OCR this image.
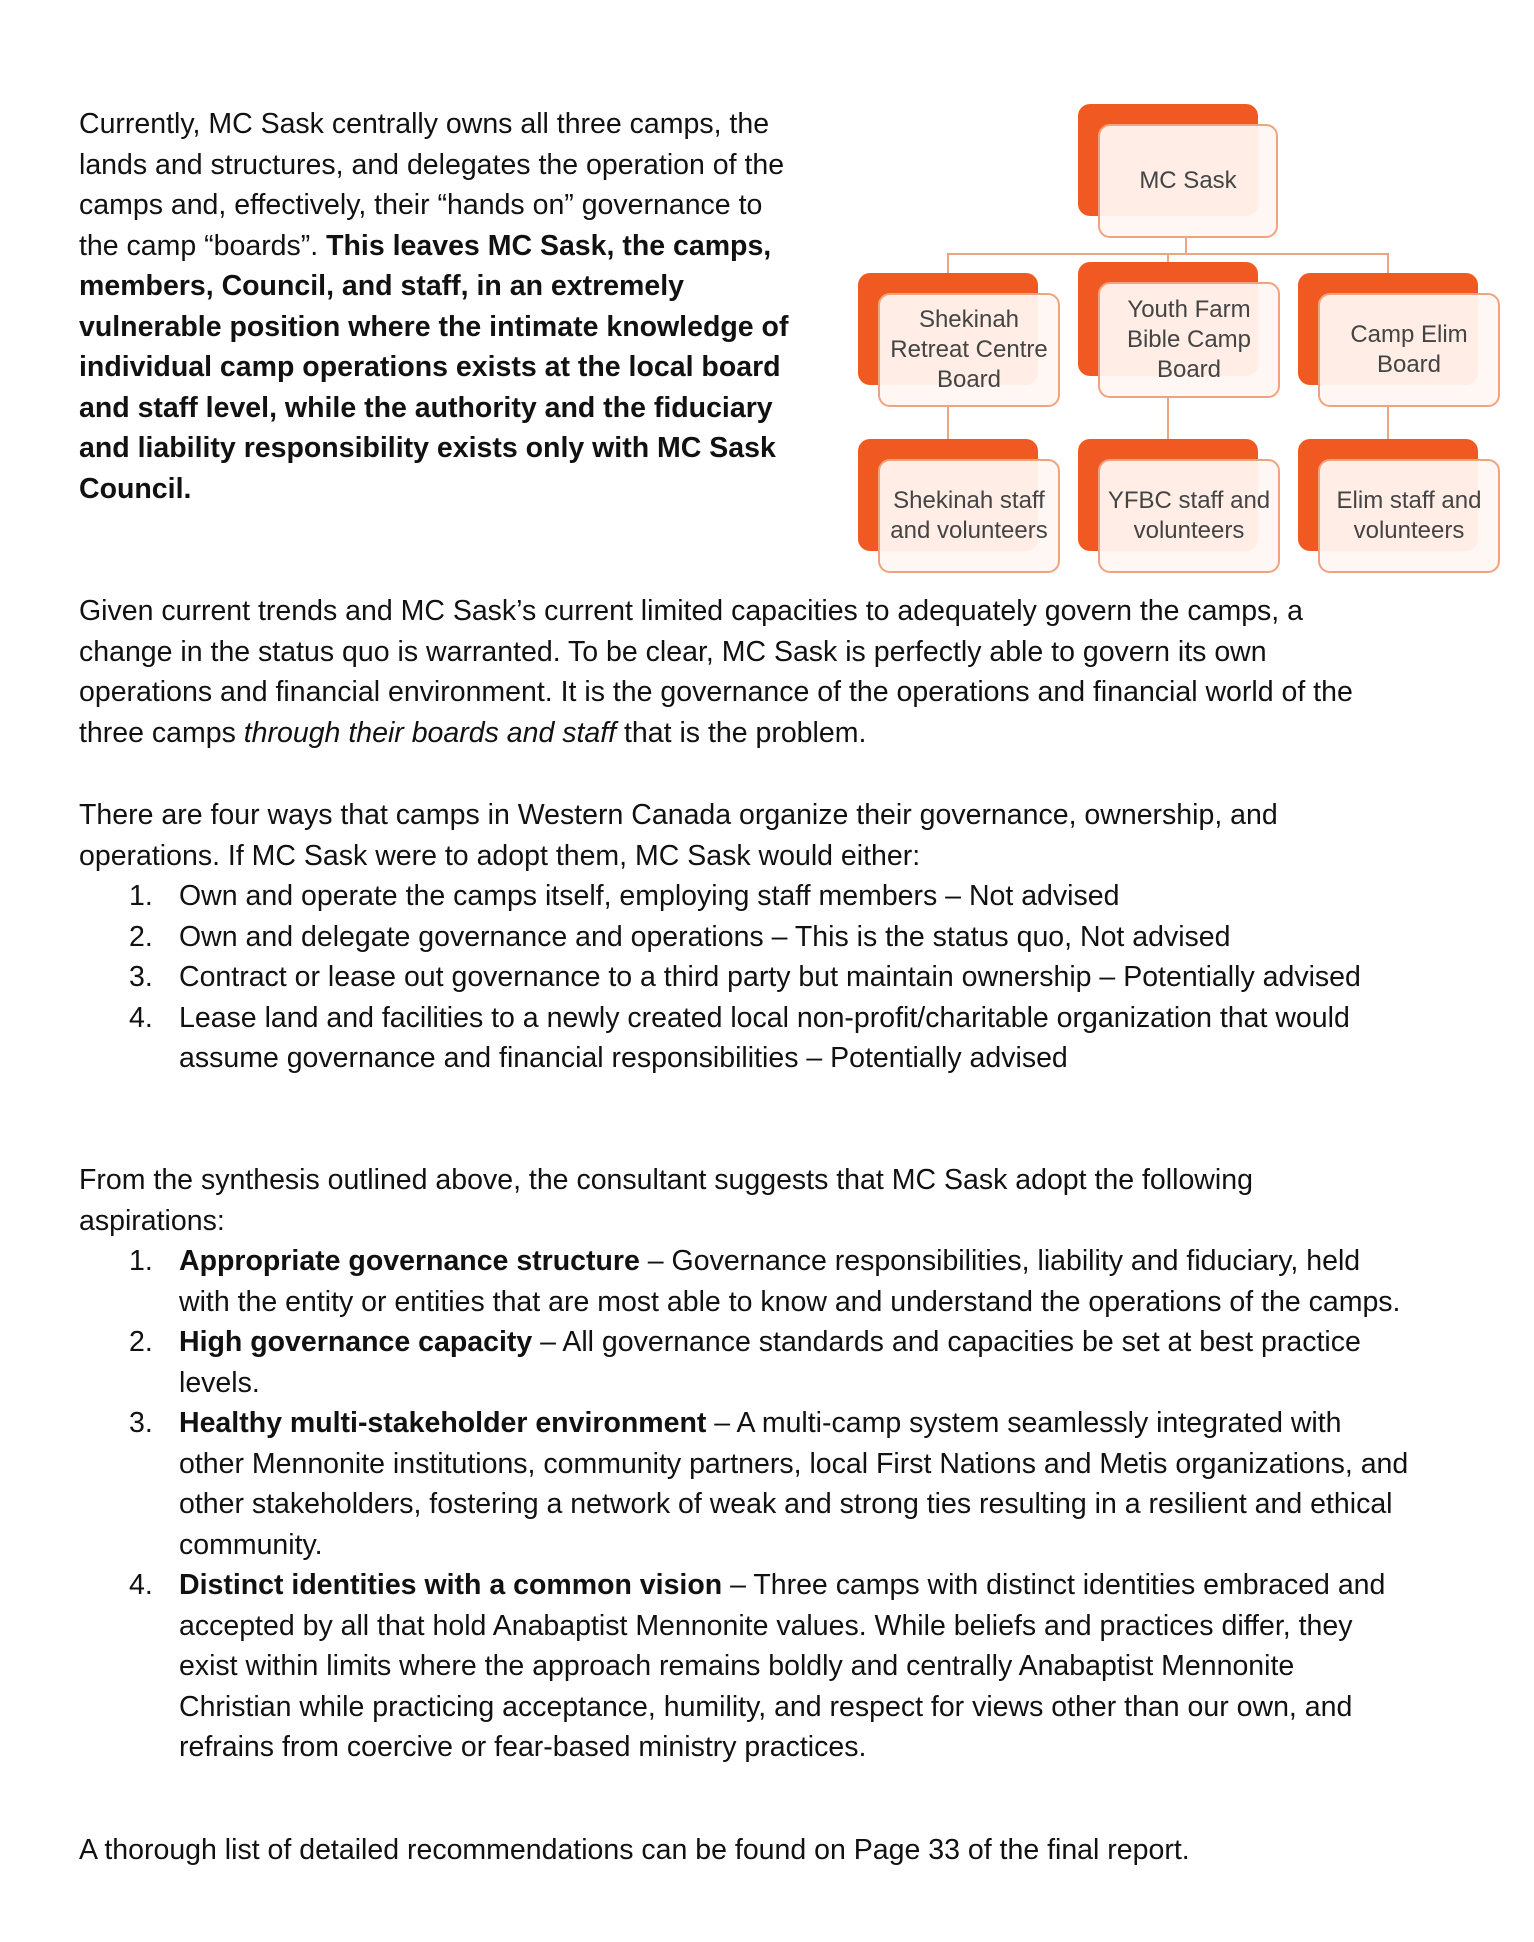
Currently, MC Sask centrally owns all three camps, the lands and structures, and delegates the operation of the camps and, effectively, their “hands on” governance to the camp “boards”. This leaves MC Sask, the camps, members, Council, and staff, in an extremely vulnerable position where the intimate knowledge of individual camp operations exists at the local board and staff level, while the authority and the fiduciary and liability responsibility exists only with MC Sask Council.

MC Sask
Shekinah Retreat Centre Board
Youth Farm Bible Camp Board
Camp Elim Board
Shekinah staff and volunteers
YFBC staff and volunteers
Elim staff and volunteers

Given current trends and MC Sask’s current limited capacities to adequately govern the camps, a change in the status quo is warranted. To be clear, MC Sask is perfectly able to govern its own operations and financial environment. It is the governance of the operations and financial world of the three camps through their boards and staff that is the problem.

There are four ways that camps in Western Canada organize their governance, ownership, and operations. If MC Sask were to adopt them, MC Sask would either:

1. Own and operate the camps itself, employing staff members – Not advised
2. Own and delegate governance and operations – This is the status quo, Not advised
3. Contract or lease out governance to a third party but maintain ownership – Potentially advised
4. Lease land and facilities to a newly created local non-profit/charitable organization that would assume governance and financial responsibilities – Potentially advised

From the synthesis outlined above, the consultant suggests that MC Sask adopt the following aspirations:

1. Appropriate governance structure – Governance responsibilities, liability and fiduciary, held with the entity or entities that are most able to know and understand the operations of the camps.
2. High governance capacity – All governance standards and capacities be set at best practice levels.
3. Healthy multi-stakeholder environment – A multi-camp system seamlessly integrated with other Mennonite institutions, community partners, local First Nations and Metis organizations, and other stakeholders, fostering a network of weak and strong ties resulting in a resilient and ethical community.
4. Distinct identities with a common vision – Three camps with distinct identities embraced and accepted by all that hold Anabaptist Mennonite values. While beliefs and practices differ, they exist within limits where the approach remains boldly and centrally Anabaptist Mennonite Christian while practicing acceptance, humility, and respect for views other than our own, and refrains from coercive or fear-based ministry practices.

A thorough list of detailed recommendations can be found on Page 33 of the final report.
